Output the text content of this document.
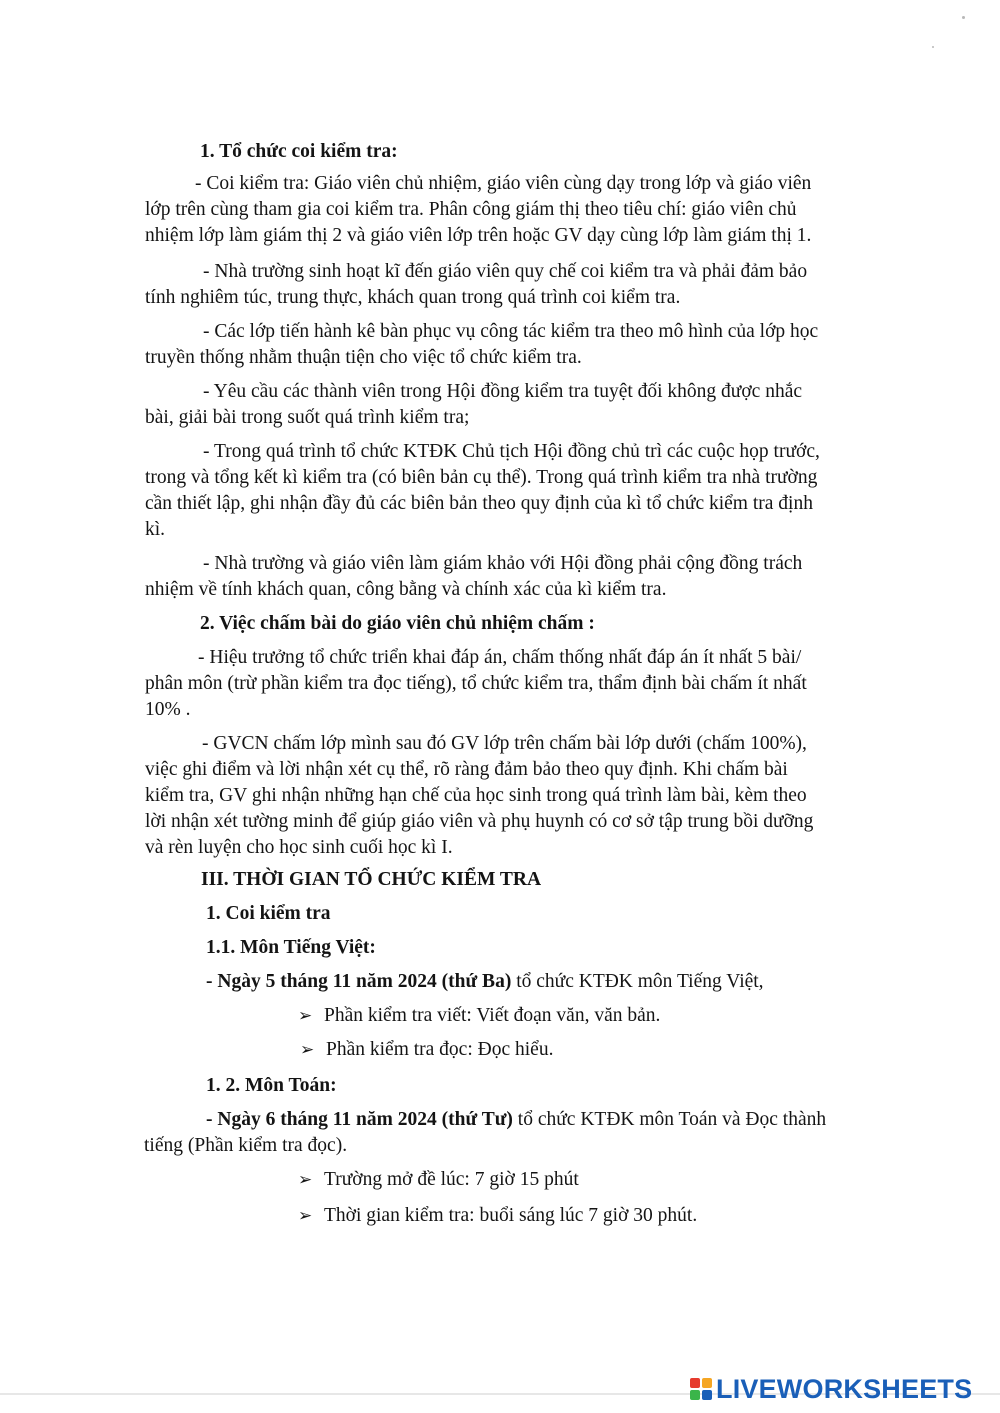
1. Tổ chức coi kiểm tra:
- Coi kiểm tra: Giáo viên chủ nhiệm, giáo viên cùng dạy trong lớp và giáo viên
lớp trên cùng tham gia coi kiểm tra. Phân công giám thị theo tiêu chí: giáo viên chủ
nhiệm lớp làm giám thị 2 và giáo viên lớp trên hoặc GV dạy cùng lớp làm giám thị 1.
- Nhà trường sinh hoạt kĩ đến giáo viên quy chế coi kiểm tra và phải đảm bảo
tính nghiêm túc, trung thực, khách quan trong quá trình coi kiểm tra.
- Các lớp tiến hành kê bàn phục vụ công tác kiểm tra theo mô hình của lớp học
truyền thống nhằm thuận tiện cho việc tổ chức kiểm tra.
- Yêu cầu các thành viên trong Hội đồng kiểm tra tuyệt đối không được nhắc
bài, giải bài trong suốt quá trình kiểm tra;
- Trong quá trình tổ chức KTĐK Chủ tịch Hội đồng chủ trì các cuộc họp trước,
trong và tổng kết kì kiểm tra (có biên bản cụ thể). Trong quá trình kiểm tra nhà trường
cần thiết lập, ghi nhận đầy đủ các biên bản theo quy định của kì tổ chức kiểm tra định
kì.
- Nhà trường và giáo viên làm giám khảo với Hội đồng phải cộng đồng trách
nhiệm về tính khách quan, công bằng và chính xác của kì kiểm tra.
2. Việc chấm bài do giáo viên chủ nhiệm chấm :
- Hiệu trưởng tổ chức triển khai đáp án, chấm thống nhất đáp án ít nhất 5 bài/
phân môn (trừ phần kiểm tra đọc tiếng), tổ chức kiểm tra, thẩm định bài chấm ít nhất
10% .
- GVCN chấm lớp mình sau đó GV lớp trên chấm bài lớp dưới (chấm 100%),
việc ghi điểm và lời nhận xét cụ thể, rõ ràng đảm bảo theo quy định. Khi chấm bài
kiểm tra, GV ghi nhận những hạn chế của học sinh trong quá trình làm bài, kèm theo
lời nhận xét tường minh để giúp giáo viên và phụ huynh có cơ sở tập trung bồi dưỡng
và rèn luyện cho học sinh cuối học kì I.
III. THỜI GIAN TỔ CHỨC KIỂM TRA
1. Coi kiểm tra
1.1. Môn Tiếng Việt:
- Ngày 5 tháng 11 năm 2024 (thứ Ba) tổ chức KTĐK môn Tiếng Việt,
➢ Phần kiểm tra viết: Viết đoạn văn, văn bản.
➢ Phần kiểm tra đọc: Đọc hiểu.
1. 2. Môn Toán:
- Ngày 6 tháng 11 năm 2024 (thứ Tư) tổ chức KTĐK môn Toán và Đọc thành
tiếng (Phần kiểm tra đọc).
➢ Trường mở đề lúc: 7 giờ 15 phút
➢ Thời gian kiểm tra: buổi sáng lúc 7 giờ 30 phút.
LIVEWORKSHEETS
